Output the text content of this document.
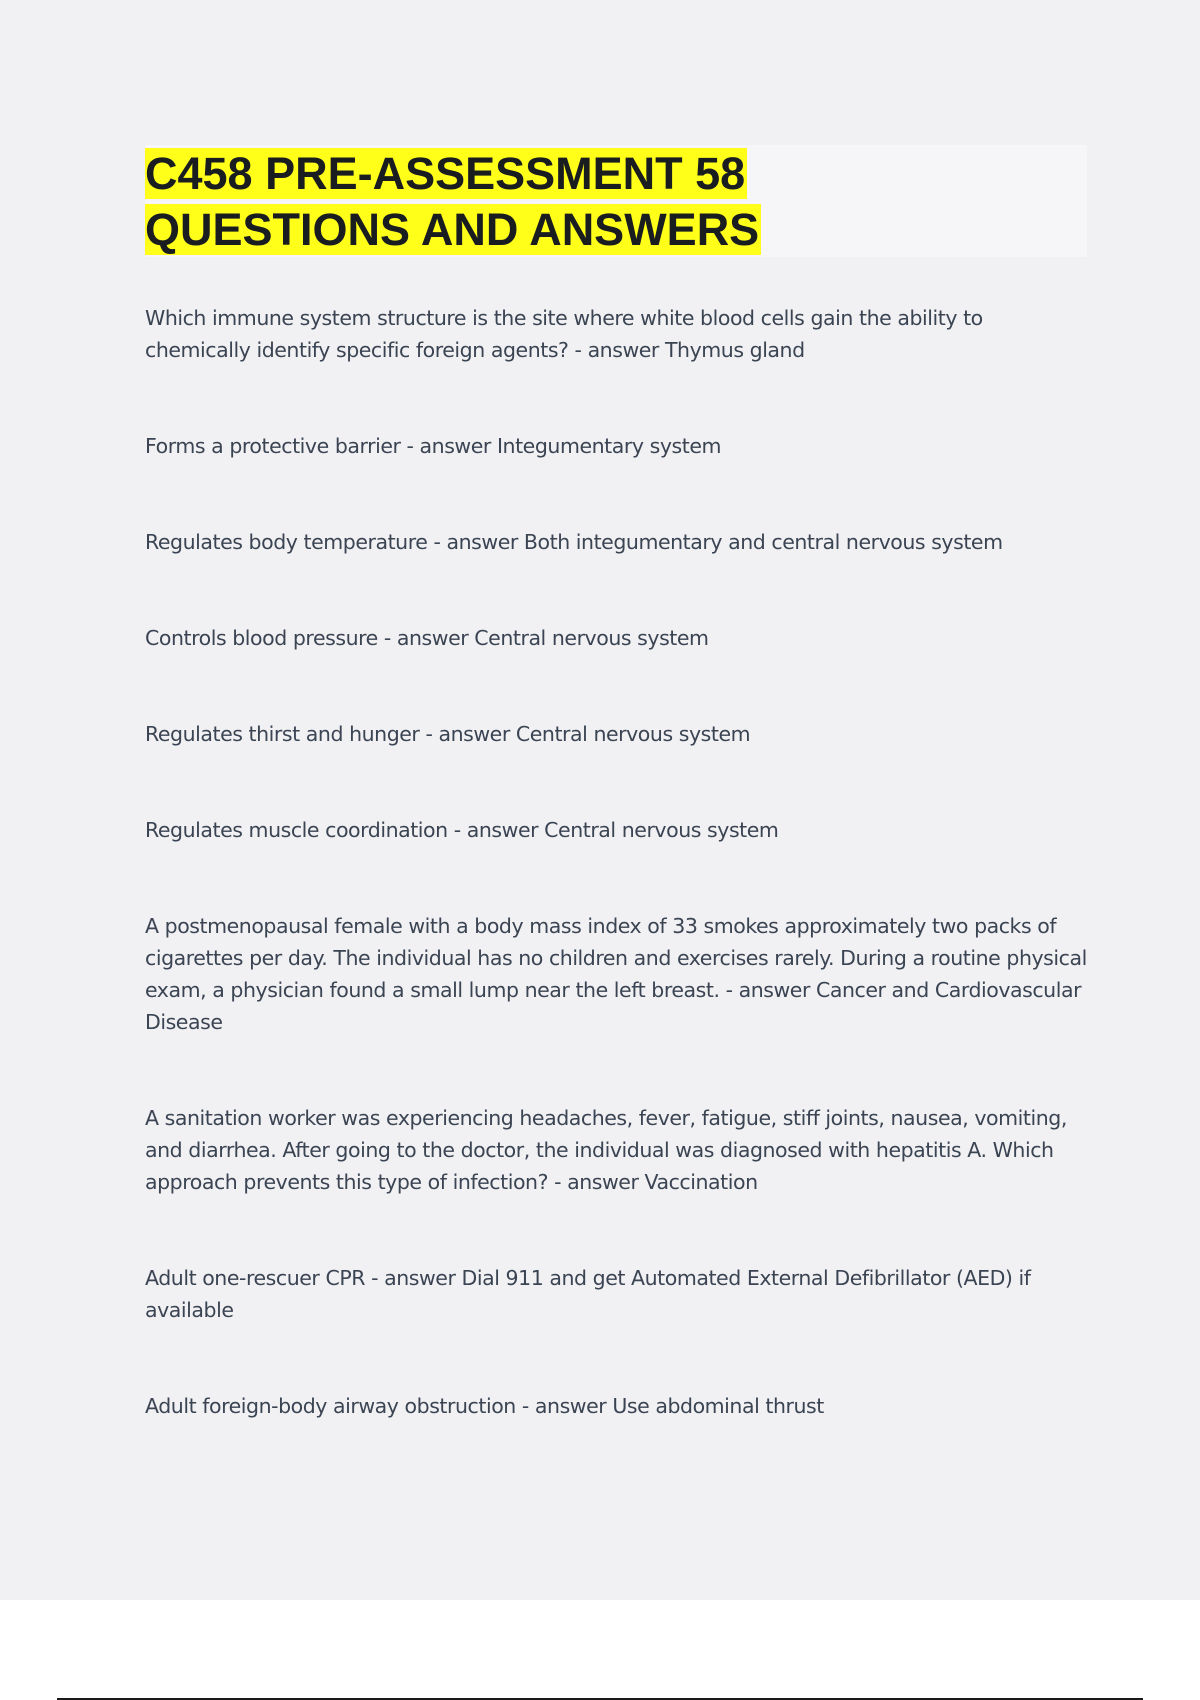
C458 PRE-ASSESSMENT 58
QUESTIONS AND ANSWERS
Which immune system structure is the site where white blood cells gain the ability to chemically identify specific foreign agents? - answer Thymus gland
Forms a protective barrier - answer Integumentary system
Regulates body temperature - answer Both integumentary and central nervous system
Controls blood pressure - answer Central nervous system
Regulates thirst and hunger - answer Central nervous system
Regulates muscle coordination - answer Central nervous system
A postmenopausal female with a body mass index of 33 smokes approximately two packs of cigarettes per day. The individual has no children and exercises rarely. During a routine physical exam, a physician found a small lump near the left breast. - answer Cancer and Cardiovascular Disease
A sanitation worker was experiencing headaches, fever, fatigue, stiff joints, nausea, vomiting, and diarrhea. After going to the doctor, the individual was diagnosed with hepatitis A. Which approach prevents this type of infection? - answer Vaccination
Adult one-rescuer CPR - answer Dial 911 and get Automated External Defibrillator (AED) if available
Adult foreign-body airway obstruction - answer Use abdominal thrust
